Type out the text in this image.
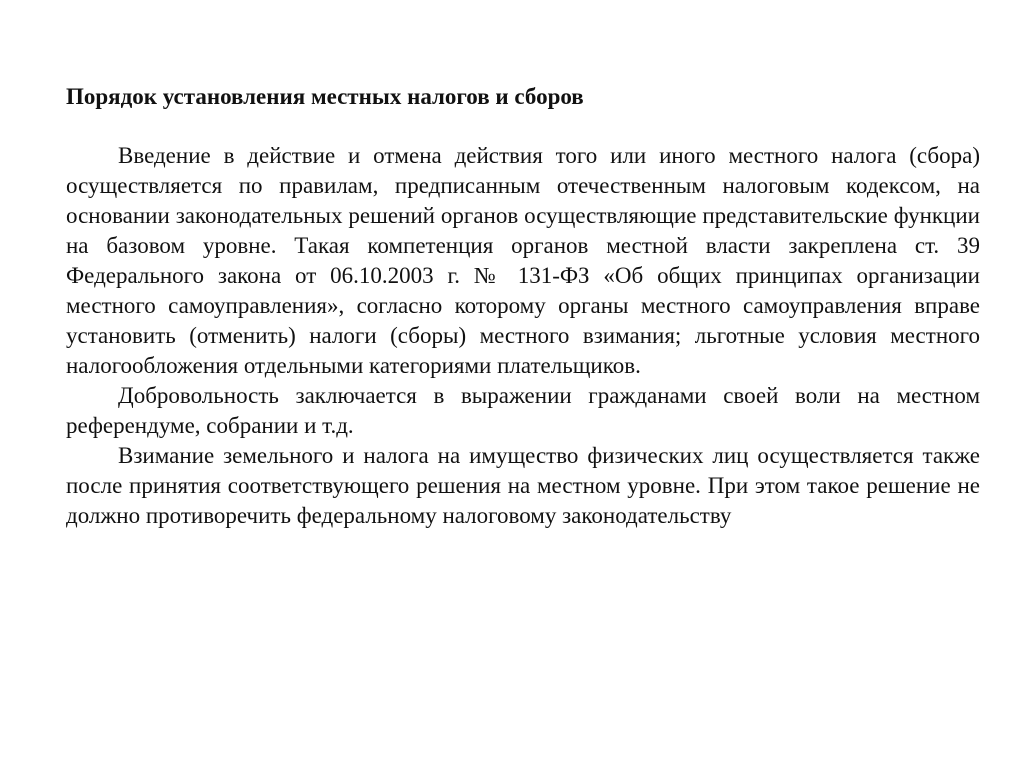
Порядок установления местных налогов и сборов

Введение в действие и отмена действия того или иного местного налога (сбора) осуществляется по правилам, предписанным отечественным налоговым кодексом, на основании законодательных решений органов осуществляющие представительские функции на базовом уровне. Такая компетенция органов местной власти закреплена ст. 39 Федерального закона от 06.10.2003 г. № 131-ФЗ «Об общих принципах организации местного самоуправления», согласно которому органы местного самоуправления вправе установить (отменить) налоги (сборы) местного взимания; льготные условия местного налогообложения отдельными категориями плательщиков.

Добровольность заключается в выражении гражданами своей воли на местном референдуме, собрании и т.д.

Взимание земельного и налога на имущество физических лиц осуществляется также после принятия соответствующего решения на местном уровне. При этом такое решение не должно противоречить федеральному налоговому законодательству
